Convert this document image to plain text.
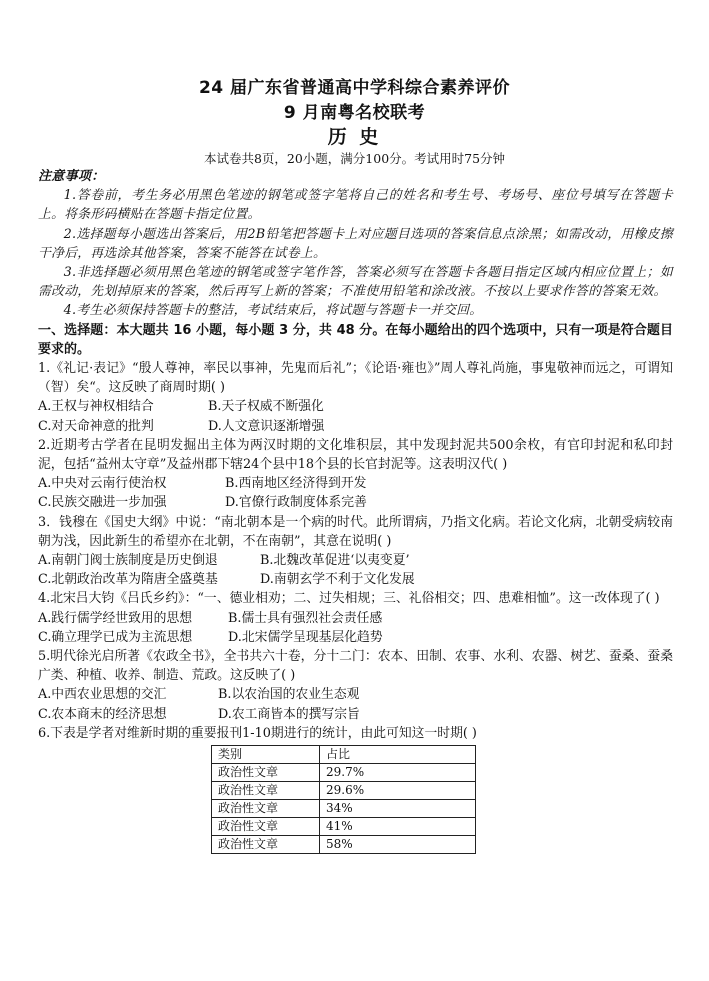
24 届广东省普通高中学科综合素养评价
9 月南粤名校联考
历 史
本试卷共8页，20小题，满分100分。考试用时75分钟

注意事项：

1.答卷前，考生务必用黑色笔迹的钢笔或签字笔将自己的姓名和考生号、考场号、座位号填写在答题卡上。将条形码横贴在答题卡指定位置。

2.选择题每小题选出答案后，用2B铅笔把答题卡上对应题目选项的答案信息点涂黑；如需改动，用橡皮擦干净后，再选涂其他答案，答案不能答在试卷上。

3.非选择题必须用黑色笔迹的钢笔或签字笔作答，答案必须写在答题卡各题目指定区域内相应位置上；如需改动，先划掉原来的答案，然后再写上新的答案；不准使用铅笔和涂改液。不按以上要求作答的答案无效。

4.考生必须保持答题卡的整洁，考试结束后，将试题与答题卡一并交回。

一、选择题：本大题共 16 小题，每小题 3 分，共 48 分。在每小题给出的四个选项中，只有一项是符合题目要求的。

1.《礼记·表记》“殷人尊神，率民以事神，先鬼而后礼”；《论语·雍也》”周人尊礼尚施，事鬼敬神而远之，可谓知（智）矣“。这反映了商周时期( )

A.王权与神权相结合	B.天子权威不断强化
C.对天命神意的批判	D.人文意识逐渐增强

2.近期考古学者在昆明发掘出主体为两汉时期的文化堆积层，其中发现封泥共500余枚，有官印封泥和私印封泥，包括“益州太守章”及益州郡下辖24个县中18个县的长官封泥等。这表明汉代( )

A.中央对云南行使治权	B.西南地区经济得到开发
C.民族交融进一步加强	D.官僚行政制度体系完善

3．钱穆在《国史大纲》中说：“南北朝本是一个病的时代。此所谓病，乃指文化病。若论文化病，北朝受病较南朝为浅，因此新生的希望亦在北朝，不在南朝”，其意在说明( )

A.南朝门阀士族制度是历史倒退	B.北魏改革促进‘以夷变夏’
C.北朝政治改革为隋唐全盛奠基	D.南朝玄学不利于文化发展

4.北宋吕大钧《吕氏乡约》：“一、德业相劝；二、过失相规；三、礼俗相交；四、患难相恤”。这一改体现了( )

A.践行儒学经世致用的思想	B.儒士具有强烈社会责任感
C.确立理学已成为主流思想	D.北宋儒学呈现基层化趋势

5.明代徐光启所著《农政全书》，全书共六十卷，分十二门：农本、田制、农事、水利、农器、树艺、蚕桑、蚕桑广类、种植、收养、制造、荒政。这反映了( )

A.中西农业思想的交汇	B.以农治国的农业生态观
C.农本商末的经济思想	D.农工商皆本的撰写宗旨

6.下表是学者对维新时期的重要报刊1-10期进行的统计，由此可知这一时期( )

类别	占比
政治性文章	29.7%
政治性文章	29.6%
政治性文章	34%
政治性文章	41%
政治性文章	58%
